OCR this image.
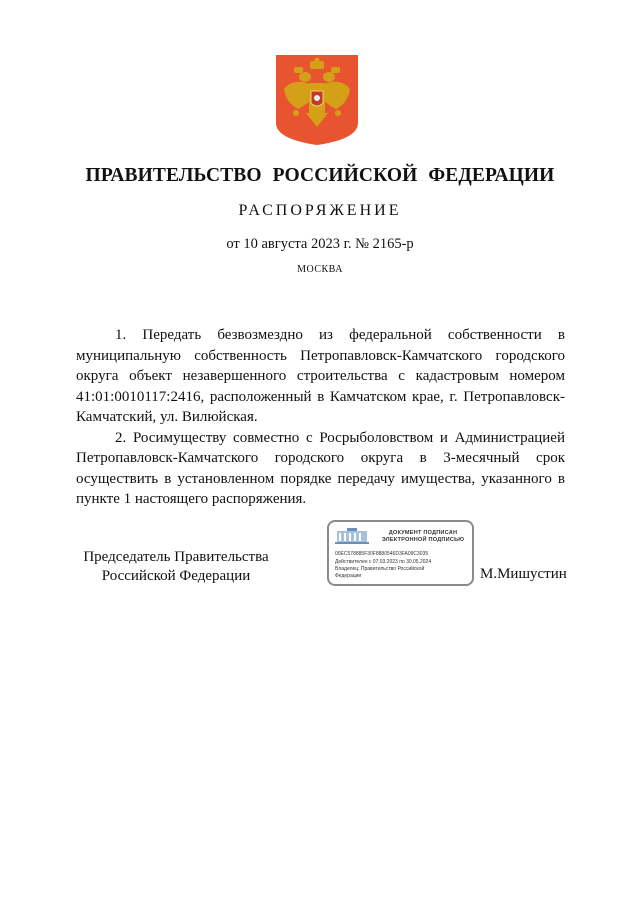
ПРАВИТЕЛЬСТВО РОССИЙСКОЙ ФЕДЕРАЦИИ
РАСПОРЯЖЕНИЕ
от 10 августа 2023 г. № 2165-р
МОСКВА

1. Передать безвозмездно из федеральной собственности в муниципальную собственность Петропавловск-Камчатского городского округа объект незавершенного строительства с кадастровым номером 41:01:0010117:2416, расположенный в Камчатском крае, г. Петропавловск-Камчатский, ул. Вилюйская.

2. Росимуществу совместно с Росрыболовством и Администрацией Петропавловск-Камчатского городского округа в 3-месячный срок осуществить в установленном порядке передачу имущества, указанного в пункте 1 настоящего распоряжения.

Председатель Правительства
Российской Федерации
ДОКУМЕНТ ПОДПИСАН
ЭЛЕКТРОННОЙ ПОДПИСЬЮ
00EC578885F30F8880546D3FA09C3035
Действителен с 07.03.2023 по 30.05.2024
Владелец: Правительство Российской
Федерации	М.Мишустин
